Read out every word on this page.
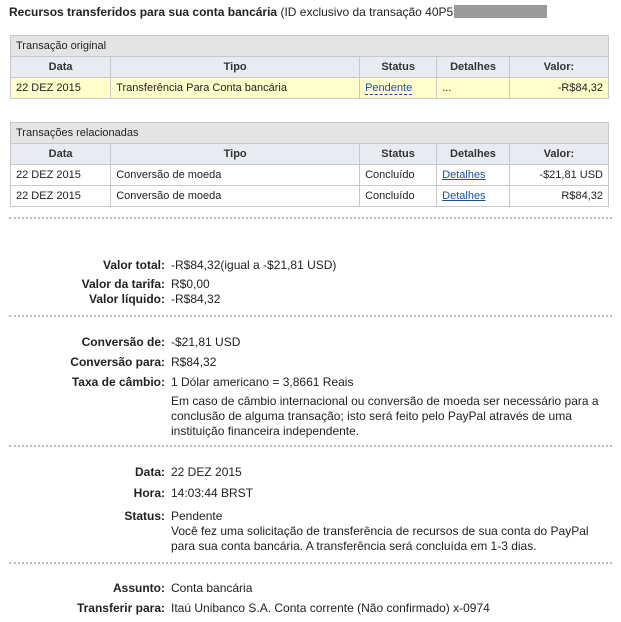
Recursos transferidos para sua conta bancária (ID exclusivo da transação 40P5
Transação original				
Data	Tipo	Status	Detalhes	Valor:
22 DEZ 2015	Transferência Para Conta bancária	Pendente	...	-R$84,32
Transações relacionadas				
Data	Tipo	Status	Detalhes	Valor:
22 DEZ 2015	Conversão de moeda	Concluído	Detalhes	-$21,81 USD
22 DEZ 2015	Conversão de moeda	Concluído	Detalhes	R$84,32
Valor total: -R$84,32(igual a -$21,81 USD)
Valor da tarifa: R$0,00
Valor líquido: -R$84,32
Conversão de: -$21,81 USD
Conversão para: R$84,32
Taxa de câmbio: 1 Dólar americano = 3,8661 Reais
Em caso de câmbio internacional ou conversão de moeda ser necessário para a conclusão de alguma transação; isto será feito pelo PayPal através de uma instituição financeira independente.
Data: 22 DEZ 2015
Hora: 14:03:44 BRST
Status: Pendente
Você fez uma solicitação de transferência de recursos de sua conta do PayPal para sua conta bancária. A transferência será concluída em 1-3 dias.
Assunto: Conta bancária
Transferir para: Itaú Unibanco S.A. Conta corrente (Não confirmado) x-0974
